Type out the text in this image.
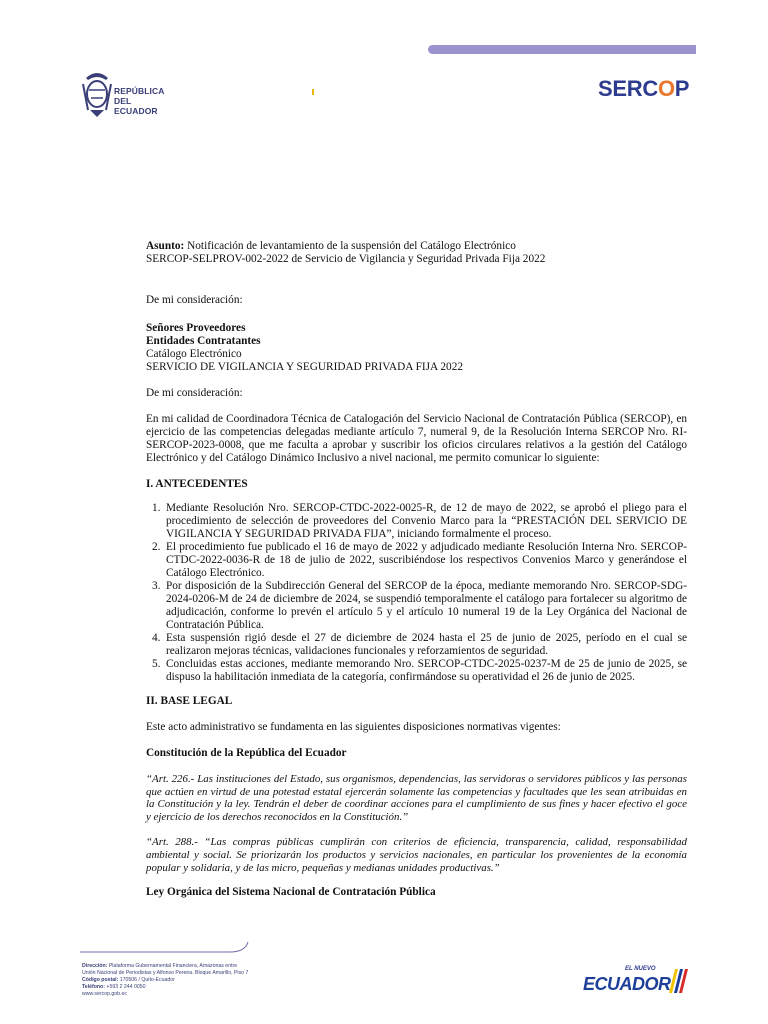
REPÚBLICA
DEL ECUADOR
SERCOP

Asunto: Notificación de levantamiento de la suspensión del Catálogo Electrónico

SERCOP-SELPROV-002-2022 de Servicio de Vigilancia y Seguridad Privada Fija 2022

De mi consideración:

Señores Proveedores

Entidades Contratantes

Catálogo Electrónico

SERVICIO DE VIGILANCIA Y SEGURIDAD PRIVADA FIJA 2022

De mi consideración:

En mi calidad de Coordinadora Técnica de Catalogación del Servicio Nacional de Contratación Pública (SERCOP), en ejercicio de las competencias delegadas mediante artículo 7, numeral 9, de la Resolución Interna SERCOP Nro. RI-SERCOP-2023-0008, que me faculta a aprobar y suscribir los oficios circulares relativos a la gestión del Catálogo Electrónico y del Catálogo Dinámico Inclusivo a nivel nacional, me permito comunicar lo siguiente:

I. ANTECEDENTES

1. Mediante Resolución Nro. SERCOP-CTDC-2022-0025-R, de 12 de mayo de 2022, se aprobó el pliego para el procedimiento de selección de proveedores del Convenio Marco para la “PRESTACIÓN DEL SERVICIO DE VIGILANCIA Y SEGURIDAD PRIVADA FIJA”, iniciando formalmente el proceso.
2. El procedimiento fue publicado el 16 de mayo de 2022 y adjudicado mediante Resolución Interna Nro. SERCOP-CTDC-2022-0036-R de 18 de julio de 2022, suscribiéndose los respectivos Convenios Marco y generándose el Catálogo Electrónico.
3. Por disposición de la Subdirección General del SERCOP de la época, mediante memorando Nro. SERCOP-SDG-2024-0206-M de 24 de diciembre de 2024, se suspendió temporalmente el catálogo para fortalecer su algoritmo de adjudicación, conforme lo prevén el artículo 5 y el artículo 10 numeral 19 de la Ley Orgánica del Nacional de Contratación Pública.
4. Esta suspensión rigió desde el 27 de diciembre de 2024 hasta el 25 de junio de 2025, período en el cual se realizaron mejoras técnicas, validaciones funcionales y reforzamientos de seguridad.
5. Concluidas estas acciones, mediante memorando Nro. SERCOP-CTDC-2025-0237-M de 25 de junio de 2025, se dispuso la habilitación inmediata de la categoría, confirmándose su operatividad el 26 de junio de 2025.

II. BASE LEGAL

Este acto administrativo se fundamenta en las siguientes disposiciones normativas vigentes:

Constitución de la República del Ecuador

“Art. 226.- Las instituciones del Estado, sus organismos, dependencias, las servidoras o servidores públicos y las personas que actúen en virtud de una potestad estatal ejercerán solamente las competencias y facultades que les sean atribuidas en la Constitución y la ley. Tendrán el deber de coordinar acciones para el cumplimiento de sus fines y hacer efectivo el goce y ejercicio de los derechos reconocidos en la Constitución.”

“Art. 288.- “Las compras públicas cumplirán con criterios de eficiencia, transparencia, calidad, responsabilidad ambiental y social. Se priorizarán los productos y servicios nacionales, en particular los provenientes de la economía popular y solidaria, y de las micro, pequeñas y medianas unidades productivas.”

Ley Orgánica del Sistema Nacional de Contratación Pública

Dirección: Plataforma Gubernamental Financiera, Amazonas entre
Unión Nacional de Periodistas y Alfonso Pereira. Bloque Amarillo, Piso 7
Código postal: 170506 / Quito-Ecuador
Teléfono: +593 2 244 0050
www.sercop.gob.ec
EL NUEVO
ECUADOR
